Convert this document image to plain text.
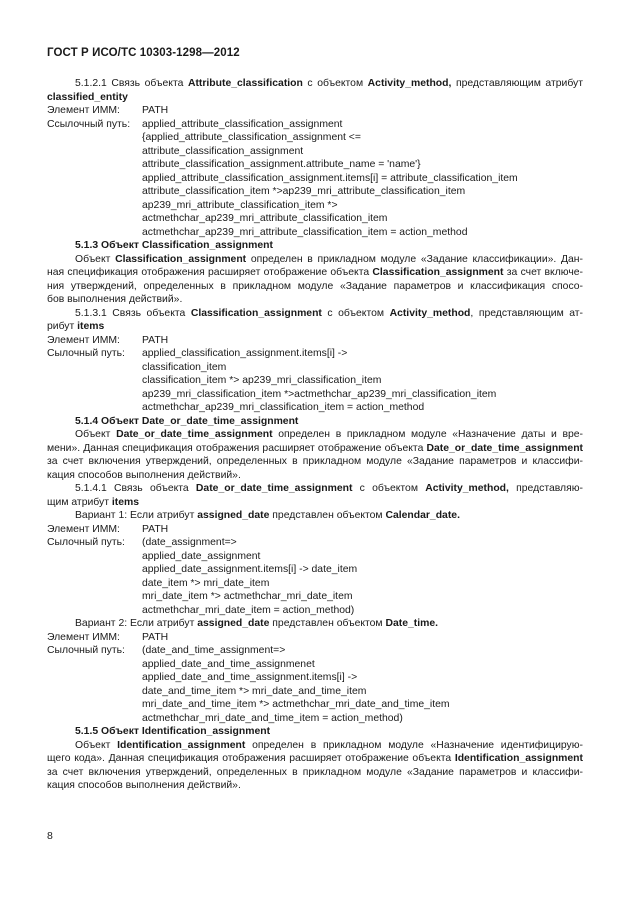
ГОСТ Р ИСО/ТС 10303-1298—2012
5.1.2.1 Связь объекта Attribute_classification с объектом Activity_method, представляющим атрибут
classified_entity
Элемент ИММ: PATH
Ссылочный путь: applied_attribute_classification_assignment
{applied_attribute_classification_assignment <=
attribute_classification_assignment
attribute_classification_assignment.attribute_name = 'name'}
applied_attribute_classification_assignment.items[i] = attribute_classification_item
attribute_classification_item *>ap239_mri_attribute_classification_item
ap239_mri_attribute_classification_item *>
actmethchar_ap239_mri_attribute_classification_item
actmethchar_ap239_mri_attribute_classification_item = action_method
5.1.3 Объект Classification_assignment
Объект Classification_assignment определен в прикладном модуле «Задание классификации». Дан-
ная спецификация отображения расширяет отображение объекта Classification_assignment за счет включе-
ния утверждений, определенных в прикладном модуле «Задание параметров и классификация спосо-
бов выполнения действий».
5.1.3.1 Связь объекта Classification_assignment с объектом Activity_method, представляющим ат-
рибут items
Элемент ИММ: PATH
Сылочный путь: applied_classification_assignment.items[i] ->
classification_item
classification_item *> ap239_mri_classification_item
ap239_mri_classification_item *>actmethchar_ap239_mri_classification_item
actmethchar_ap239_mri_classification_item = action_method
5.1.4 Объект Date_or_date_time_assignment
Объект Date_or_date_time_assignment определен в прикладном модуле «Назначение даты и вре-
мени». Данная спецификация отображения расширяет отображение объекта Date_or_date_time_assignment
за счет включения утверждений, определенных в прикладном модуле «Задание параметров и классифи-
кация способов выполнения действий».
5.1.4.1 Связь объекта Date_or_date_time_assignment с объектом Activity_method, представляю-
щим атрибут items
Вариант 1: Если атрибут assigned_date представлен объектом Calendar_date.
Элемент ИММ: PATH
Сылочный путь: (date_assignment=>
applied_date_assignment
applied_date_assignment.items[i] -> date_item
date_item *> mri_date_item
mri_date_item *> actmethchar_mri_date_item
actmethchar_mri_date_item = action_method)
Вариант 2: Если атрибут assigned_date представлен объектом Date_time.
Элемент ИММ: PATH
Сылочный путь: (date_and_time_assignment=>
applied_date_and_time_assignmenet
applied_date_and_time_assignment.items[i] ->
date_and_time_item *> mri_date_and_time_item
mri_date_and_time_item *> actmethchar_mri_date_and_time_item
actmethchar_mri_date_and_time_item = action_method)
5.1.5 Объект Identification_assignment
Объект Identification_assignment определен в прикладном модуле «Назначение идентифицирую-
щего кода». Данная спецификация отображения расширяет отображение объекта Identification_assignment
за счет включения утверждений, определенных в прикладном модуле «Задание параметров и классифи-
кация способов выполнения действий».
8
